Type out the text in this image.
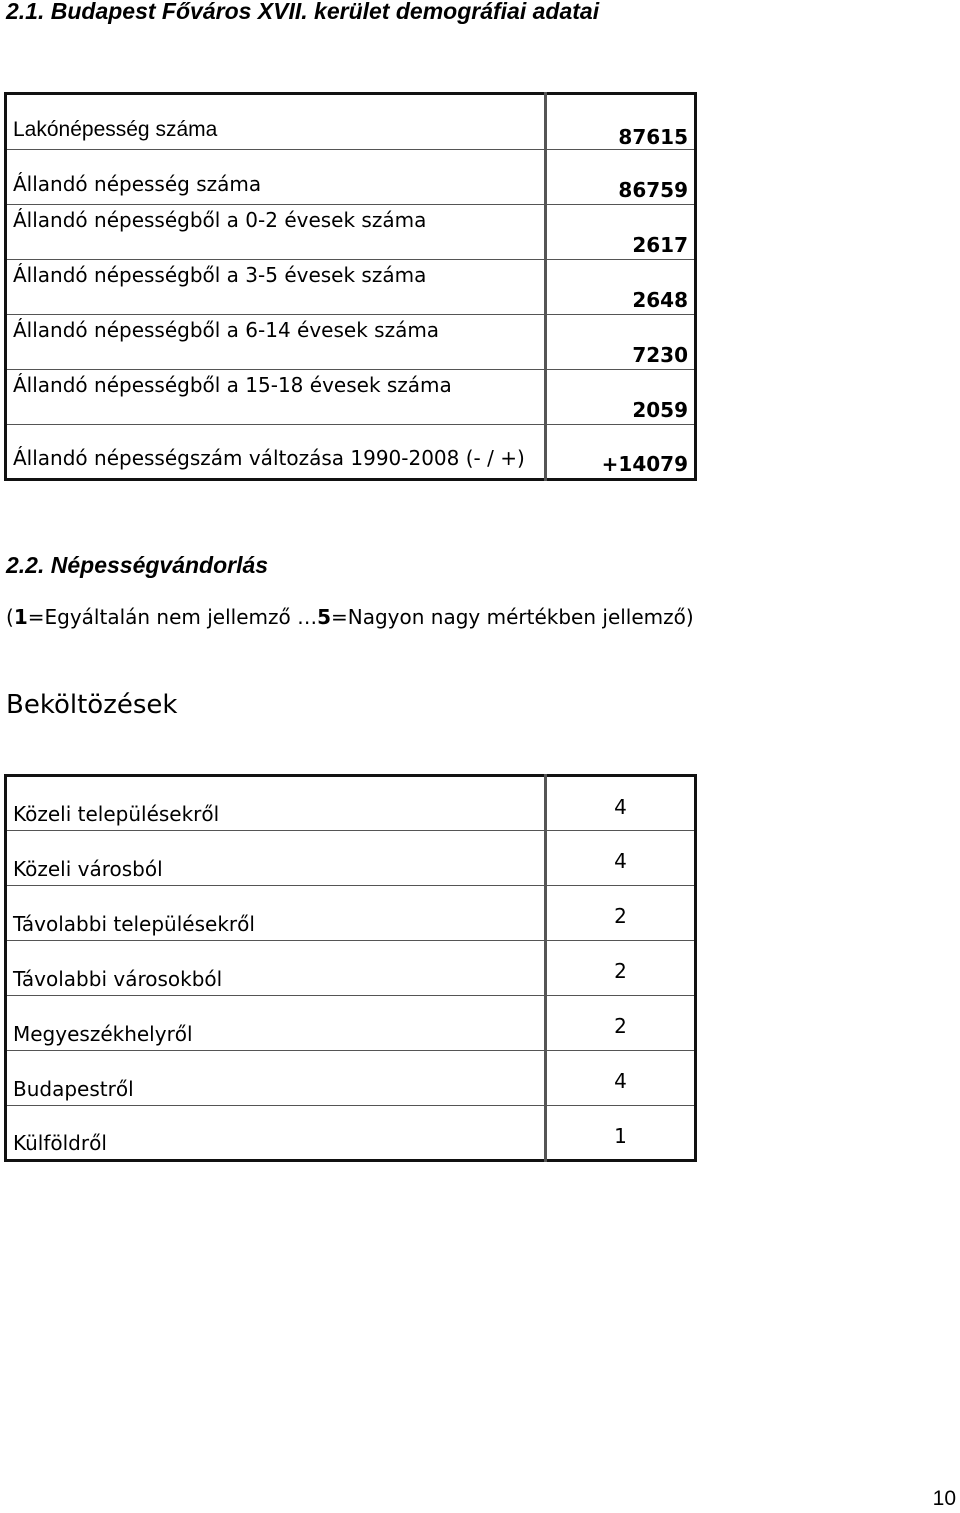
2.1. Budapest Főváros XVII. kerület demográfiai adatai
Lakónépesség száma	87615
Állandó népesség száma	86759
Állandó népességből a 0-2 évesek száma	2617
Állandó népességből a 3-5 évesek száma	2648
Állandó népességből a 6-14 évesek száma	7230
Állandó népességből a 15-18 évesek száma	2059
Állandó népességszám változása 1990-2008 (- / +)	+14079
2.2. Népességvándorlás

(1=Egyáltalán nem jellemző …5=Nagyon nagy mértékben jellemző)

Beköltözések
Közeli településekről	4
Közeli városból	4
Távolabbi településekről	2
Távolabbi városokból	2
Megyeszékhelyről	2
Budapestről	4
Külföldről	1
10
